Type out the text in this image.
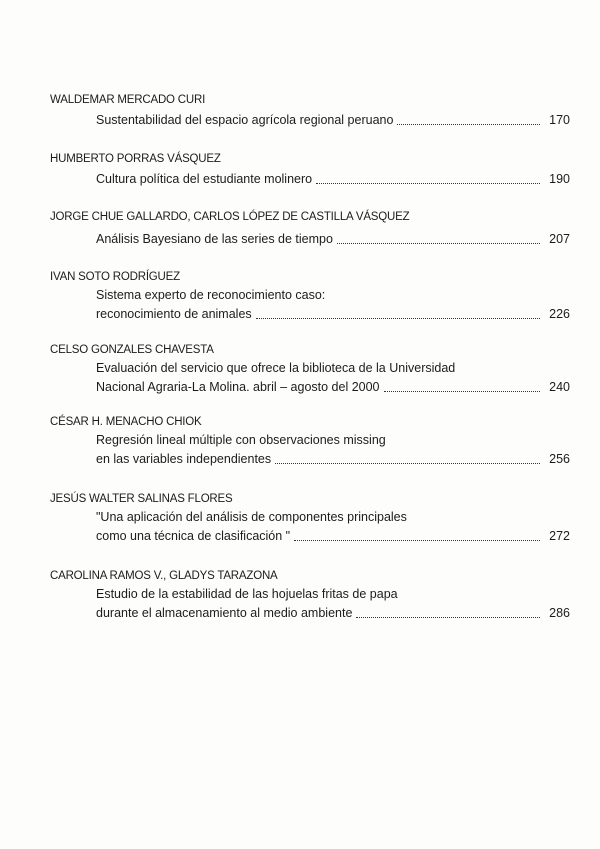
WALDEMAR MERCADO CURI

Sustentabilidad del espacio agrícola regional peruano	170

HUMBERTO PORRAS VÁSQUEZ

Cultura política del estudiante molinero	190

JORGE CHUE GALLARDO, CARLOS LÓPEZ DE CASTILLA VÁSQUEZ

Análisis Bayesiano de las series de tiempo	207

IVAN SOTO RODRÍGUEZ

Sistema experto de reconocimiento caso:
reconocimiento de animales	226

CELSO GONZALES CHAVESTA

Evaluación del servicio que ofrece la biblioteca de la Universidad
Nacional Agraria-La Molina. abril – agosto del 2000	240

CÉSAR H. MENACHO CHIOK

Regresión lineal múltiple con observaciones missing
en las variables independientes	256

JESÚS WALTER SALINAS FLORES

"Una aplicación del análisis de componentes principales
como una técnica de clasificación "	272

CAROLINA RAMOS V., GLADYS TARAZONA

Estudio de la estabilidad de las hojuelas fritas de papa
durante el almacenamiento al medio ambiente	286
